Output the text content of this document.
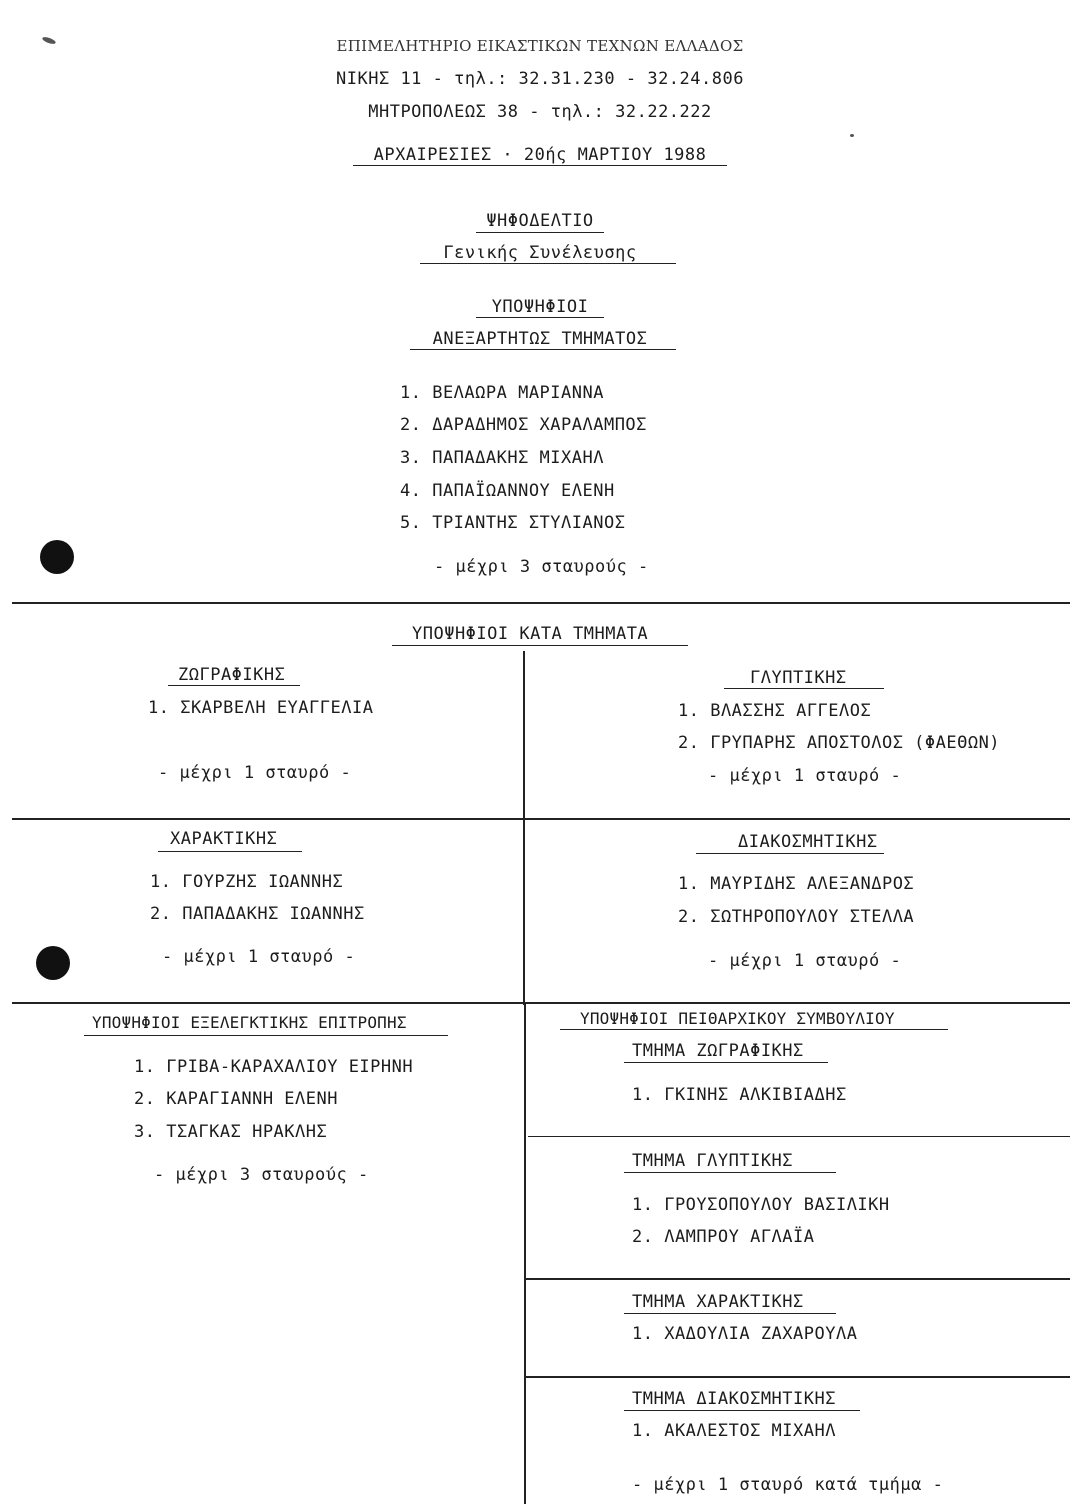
ΕΠΙΜΕΛΗΤΗΡΙΟ ΕΙΚΑΣΤΙΚΩΝ ΤΕΧΝΩΝ ΕΛΛΑΔΟΣ
ΝΙΚΗΣ 11 - τηλ.: 32.31.230 - 32.24.806
ΜΗΤΡΟΠΟΛΕΩΣ 38 - τηλ.: 32.22.222
ΑΡΧΑΙΡΕΣΙΕΣ · 20ής ΜΑΡΤΙΟΥ 1988
ΨΗΦΟΔΕΛΤΙΟ
Γενικής Συνέλευσης
ΥΠΟΨΗΦΙΟΙ
ΑΝΕΞΑΡΤΗΤΩΣ ΤΜΗΜΑΤΟΣ
1. ΒΕΛΑΩΡΑ ΜΑΡΙΑΝΝΑ
2. ΔΑΡΑΔΗΜΟΣ ΧΑΡΑΛΑΜΠΟΣ
3. ΠΑΠΑΔΑΚΗΣ ΜΙΧΑΗΛ
4. ΠΑΠΑΪΩΑΝΝΟΥ ΕΛΕΝΗ
5. ΤΡΙΑΝΤΗΣ ΣΤΥΛΙΑΝΟΣ
- μέχρι 3 σταυρούς -
ΥΠΟΨΗΦΙΟΙ ΚΑΤΑ ΤΜΗΜΑΤΑ
ΖΩΓΡΑΦΙΚΗΣ
1. ΣΚΑΡΒΕΛΗ ΕΥΑΓΓΕΛΙΑ
- μέχρι 1 σταυρό -
ΓΛΥΠΤΙΚΗΣ
1. ΒΛΑΣΣΗΣ ΑΓΓΕΛΟΣ
2. ΓΡΥΠΑΡΗΣ ΑΠΟΣΤΟΛΟΣ (ΦΑΕΘΩΝ)
- μέχρι 1 σταυρό -
ΧΑΡΑΚΤΙΚΗΣ
1. ΓΟΥΡΖΗΣ ΙΩΑΝΝΗΣ
2. ΠΑΠΑΔΑΚΗΣ ΙΩΑΝΝΗΣ
- μέχρι 1 σταυρό -
ΔΙΑΚΟΣΜΗΤΙΚΗΣ
1. ΜΑΥΡΙΔΗΣ ΑΛΕΞΑΝΔΡΟΣ
2. ΣΩΤΗΡΟΠΟΥΛΟΥ ΣΤΕΛΛΑ
- μέχρι 1 σταυρό -
ΥΠΟΨΗΦΙΟΙ ΕΞΕΛΕΓΚΤΙΚΗΣ ΕΠΙΤΡΟΠΗΣ
1. ΓΡΙΒΑ-ΚΑΡΑΧΑΛΙΟΥ ΕΙΡΗΝΗ
2. ΚΑΡΑΓΙΑΝΝΗ ΕΛΕΝΗ
3. ΤΣΑΓΚΑΣ ΗΡΑΚΛΗΣ
- μέχρι 3 σταυρούς -
ΥΠΟΨΗΦΙΟΙ ΠΕΙΘΑΡΧΙΚΟΥ ΣΥΜΒΟΥΛΙΟΥ
ΤΜΗΜΑ ΖΩΓΡΑΦΙΚΗΣ
1. ΓΚΙΝΗΣ ΑΛΚΙΒΙΑΔΗΣ
ΤΜΗΜΑ ΓΛΥΠΤΙΚΗΣ
1. ΓΡΟΥΣΟΠΟΥΛΟΥ ΒΑΣΙΛΙΚΗ
2. ΛΑΜΠΡΟΥ ΑΓΛΑΪΑ
ΤΜΗΜΑ ΧΑΡΑΚΤΙΚΗΣ
1. ΧΑΔΟΥΛΙΑ ΖΑΧΑΡΟΥΛΑ
ΤΜΗΜΑ ΔΙΑΚΟΣΜΗΤΙΚΗΣ
1. ΑΚΑΛΕΣΤΟΣ ΜΙΧΑΗΛ
- μέχρι 1 σταυρό κατά τμήμα -
